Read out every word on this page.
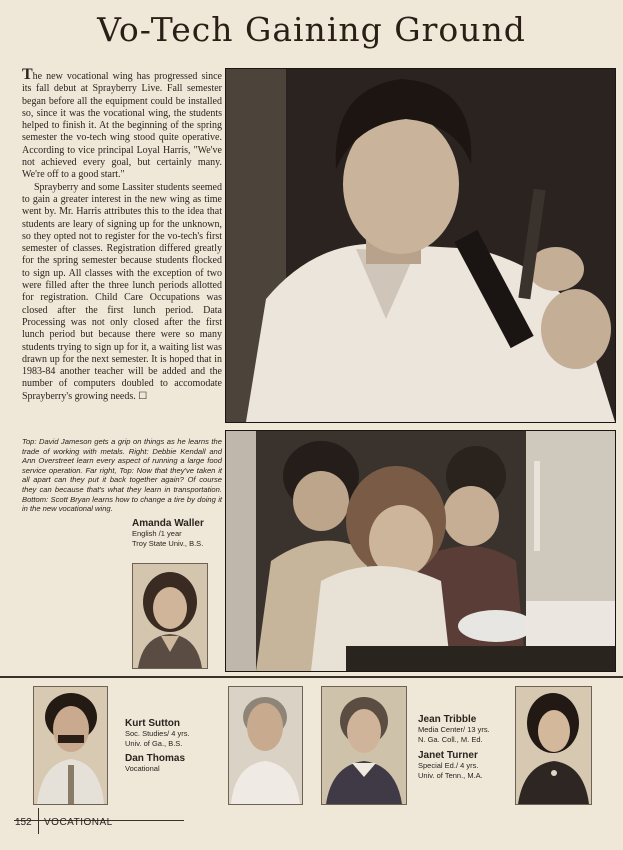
Vo-Tech Gaining Ground

The new vocational wing has progressed since its fall debut at Sprayberry Live. Fall semester began before all the equipment could be installed so, since it was the vocational wing, the students helped to finish it. At the beginning of the spring semester the vo-tech wing stood quite operative. According to vice principal Loyal Harris, "We've not achieved every goal, but certainly many. We're off to a good start."

Sprayberry and some Lassiter students seemed to gain a greater interest in the new wing as time went by. Mr. Harris attributes this to the idea that students are leary of signing up for the unknown, so they opted not to register for the vo-tech's first semester of classes. Registration differed greatly for the spring semester because students flocked to sign up. All classes with the exception of two were filled after the three lunch periods allotted for registration. Child Care Occupations was closed after the first lunch period. Data Processing was not only closed after the first lunch period but because there were so many students trying to sign up for it, a waiting list was drawn up for the next semester. It is hoped that in 1983-84 another teacher will be added and the number of computers doubled to accomodate Sprayberry's growing needs. ☐

Top: David Jameson gets a grip on things as he learns the trade of working with metals. Right: Debbie Kendall and Ann Overstreet learn every aspect of running a large food service operation. Far right, Top: Now that they've taken it all apart can they put it back together again? Of course they can because that's what they learn in transportation. Bottom: Scott Bryan learns how to change a tire by doing it in the new vocational wing.
Amanda Waller
English /1 year
Troy State Univ., B.S.
Kurt Sutton
Soc. Studies/ 4 yrs.
Univ. of Ga., B.S.
Dan Thomas
Vocational
Jean Tribble
Media Center/ 13 yrs.
N. Ga. Coll., M. Ed.
Janet Turner
Special Ed./ 4 yrs.
Univ. of Tenn., M.A.
152 VOCATIONAL
